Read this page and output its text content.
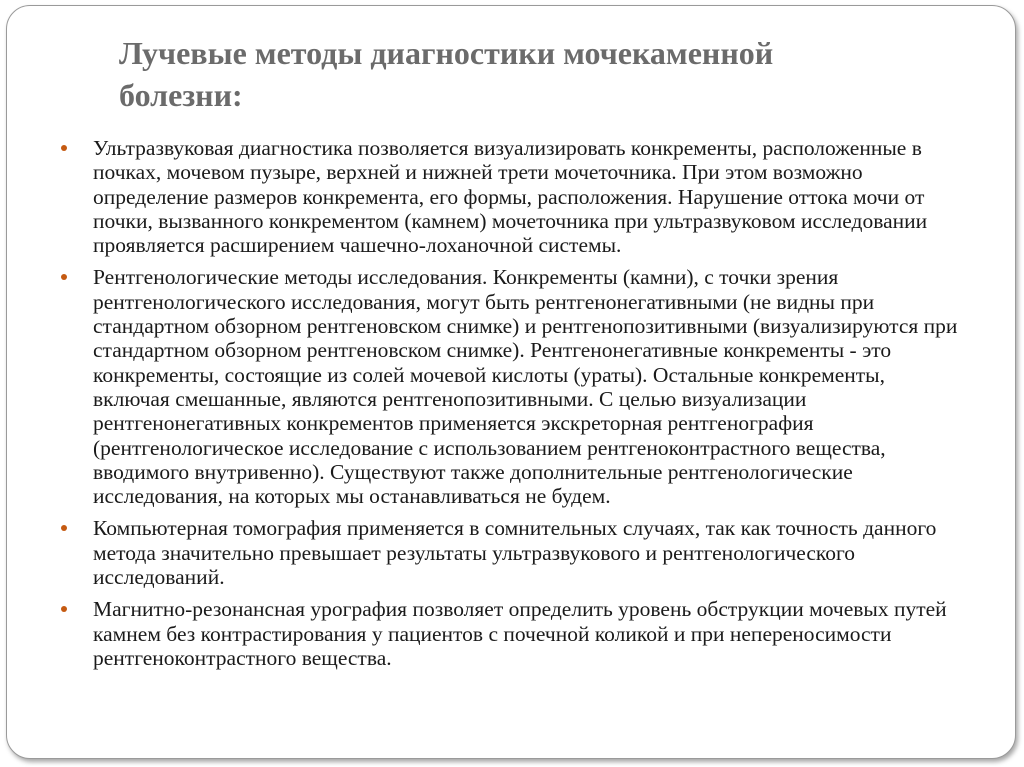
Лучевые методы диагностики мочекаменной болезни:
Ультразвуковая диагностика позволяется визуализировать конкременты, расположенные в почках, мочевом пузыре, верхней и нижней трети мочеточника. При этом возможно определение размеров конкремента, его формы, расположения. Нарушение оттока мочи от почки, вызванного конкрементом (камнем) мочеточника при ультразвуковом исследовании проявляется расширением чашечно-лоханочной системы.
Рентгенологические методы исследования. Конкременты (камни), с точки зрения рентгенологического исследования, могут быть рентгенонегативными (не видны при стандартном обзорном рентгеновском снимке) и рентгенопозитивными (визуализируются при стандартном обзорном рентгеновском снимке). Рентгенонегативные конкременты - это конкременты, состоящие из солей мочевой кислоты (ураты). Остальные конкременты, включая смешанные, являются рентгенопозитивными. С целью визуализации рентгенонегативных конкрементов применяется экскреторная рентгенография (рентгенологическое исследование с использованием рентгеноконтрастного вещества, вводимого внутривенно). Существуют также дополнительные рентгенологические исследования, на которых мы останавливаться не будем.
Компьютерная томография применяется в сомнительных случаях, так как точность данного метода значительно превышает результаты ультразвукового и рентгенологического исследований.
Магнитно-резонансная урография позволяет определить уровень обструкции мочевых путей камнем без контрастирования у пациентов с почечной коликой и при непереносимости рентгеноконтрастного вещества.
